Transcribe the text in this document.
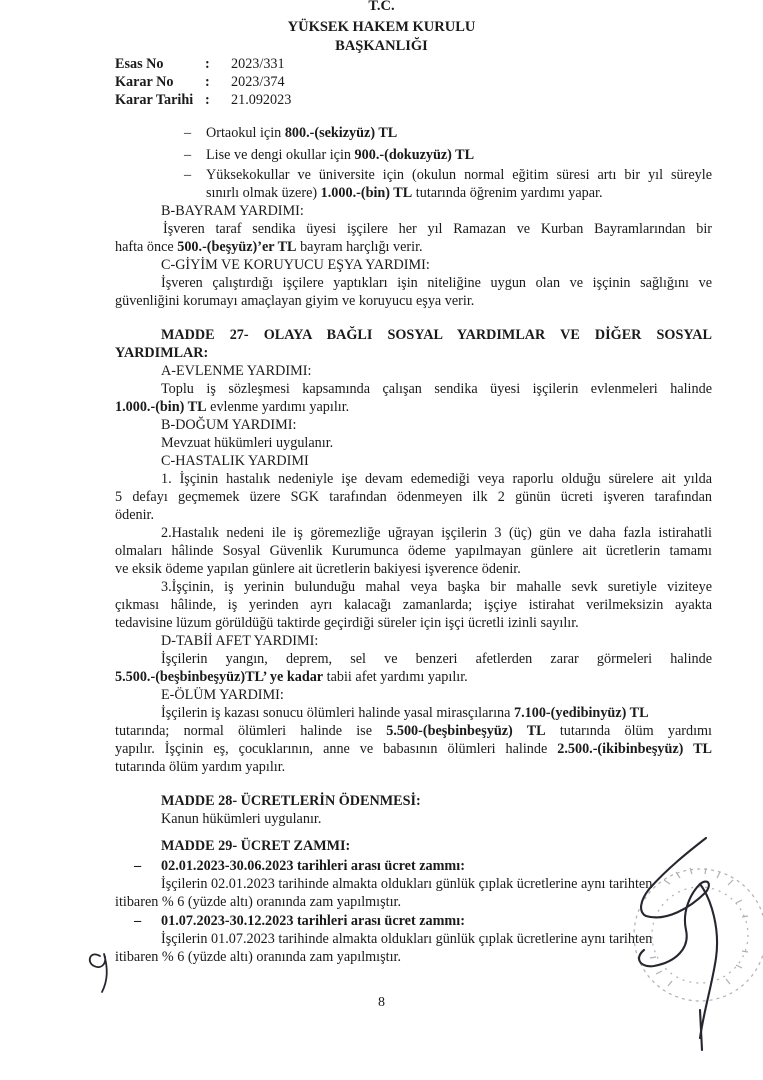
T.C.
YÜKSEK HAKEM KURULU
BAŞKANLIĞI
Esas No	: 2023/331
Karar No : 2023/374
Karar Tarihi : 21.092023
– Ortaokul için 800.-(sekizyüz) TL
– Lise ve dengi okullar için 900.-(dokuzyüz) TL
– Yüksekokullar ve üniversite için (okulun normal eğitim süresi artı bir yıl süreyle
sınırlı olmak üzere) 1.000.-(bin) TL tutarında öğrenim yardımı yapar.
B-BAYRAM YARDIMI:
İşveren taraf sendika üyesi işçilere her yıl Ramazan ve Kurban Bayramlarından bir
hafta önce 500.-(beşyüz)’er TL bayram harçlığı verir.
C-GİYİM VE KORUYUCU EŞYA YARDIMI:
İşveren çalıştırdığı işçilere yaptıkları işin niteliğine uygun olan ve işçinin sağlığını ve
güvenliğini korumayı amaçlayan giyim ve koruyucu eşya verir.
MADDE 27- OLAYA BAĞLI SOSYAL YARDIMLAR VE DİĞER SOSYAL
YARDIMLAR:
A-EVLENME YARDIMI:
Toplu iş sözleşmesi kapsamında çalışan sendika üyesi işçilerin evlenmeleri halinde
1.000.-(bin) TL evlenme yardımı yapılır.
B-DOĞUM YARDIMI:
Mevzuat hükümleri uygulanır.
C-HASTALIK YARDIMI
1. İşçinin hastalık nedeniyle işe devam edemediği veya raporlu olduğu sürelere ait yılda
5 defayı geçmemek üzere SGK tarafından ödenmeyen ilk 2 günün ücreti işveren tarafından
ödenir.
2.Hastalık nedeni ile iş göremezliğe uğrayan işçilerin 3 (üç) gün ve daha fazla istirahatli
olmaları hâlinde Sosyal Güvenlik Kurumunca ödeme yapılmayan günlere ait ücretlerin tamamı
ve eksik ödeme yapılan günlere ait ücretlerin bakiyesi işverence ödenir.
3.İşçinin, iş yerinin bulunduğu mahal veya başka bir mahalle sevk suretiyle viziteye
çıkması hâlinde, iş yerinden ayrı kalacağı zamanlarda; işçiye istirahat verilmeksizin ayakta
tedavisine lüzum görüldüğü taktirde geçirdiği süreler için işçi ücretli izinli sayılır.
D-TABİİ AFET YARDIMI:
İşçilerin yangın, deprem, sel ve benzeri afetlerden zarar görmeleri halinde
5.500.-(beşbinbeşyüz)TL’ ye kadar tabii afet yardımı yapılır.
E-ÖLÜM YARDIMI:
İşçilerin iş kazası sonucu ölümleri halinde yasal mirasçılarına 7.100-(yedibinyüz) TL
tutarında; normal ölümleri halinde ise 5.500-(beşbinbeşyüz) TL tutarında ölüm yardımı
yapılır. İşçinin eş, çocuklarının, anne ve babasının ölümleri halinde 2.500.-(ikibinbeşyüz) TL
tutarında ölüm yardım yapılır.
MADDE 28- ÜCRETLERİN ÖDENMESİ:
Kanun hükümleri uygulanır.
MADDE 29- ÜCRET ZAMMI:
– 02.01.2023-30.06.2023 tarihleri arası ücret zammı:
İşçilerin 02.01.2023 tarihinde almakta oldukları günlük çıplak ücretlerine aynı tarihten
itibaren % 6 (yüzde altı) oranında zam yapılmıştır.
– 01.07.2023-30.12.2023 tarihleri arası ücret zammı:
İşçilerin 01.07.2023 tarihinde almakta oldukları günlük çıplak ücretlerine aynı tarihten
itibaren % 6 (yüzde altı) oranında zam yapılmıştır.
8
